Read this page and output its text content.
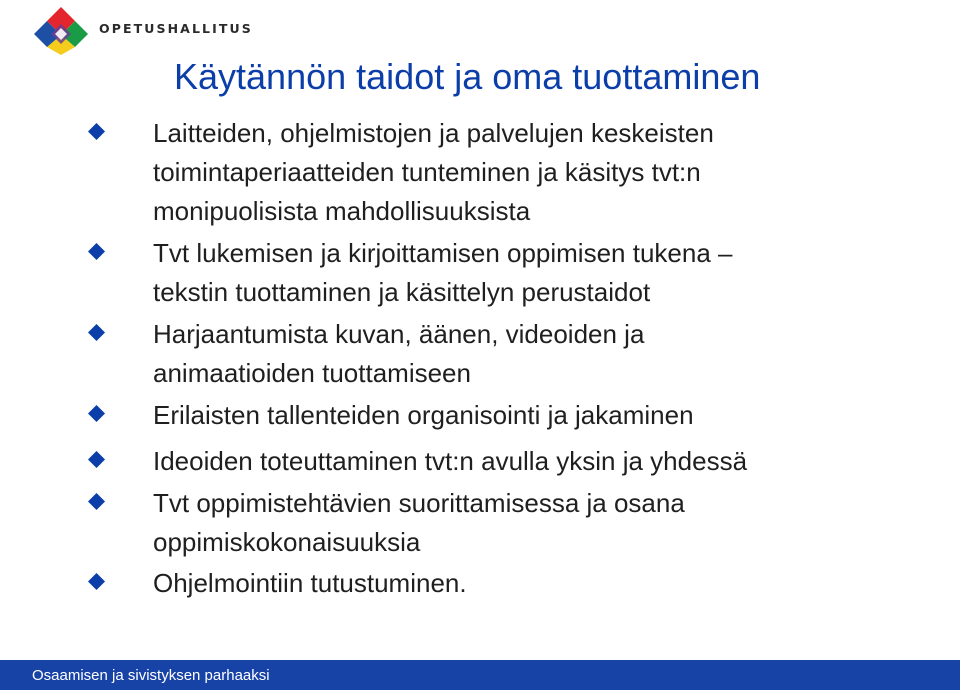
OPETUSHALLITUS
Käytännön taidot ja oma tuottaminen

Laitteiden, ohjelmistojen ja palvelujen keskeisten
toimintaperiaatteiden tunteminen ja käsitys tvt:n
monipuolisista mahdollisuuksista

Tvt lukemisen ja kirjoittamisen oppimisen tukena –
tekstin tuottaminen ja käsittelyn perustaidot

Harjaantumista kuvan, äänen, videoiden ja
animaatioiden tuottamiseen

Erilaisten tallenteiden organisointi ja jakaminen

Ideoiden toteuttaminen tvt:n avulla yksin ja yhdessä

Tvt oppimistehtävien suorittamisessa ja osana
oppimiskokonaisuuksia

Ohjelmointiin tutustuminen.

Osaamisen ja sivistyksen parhaaksi
